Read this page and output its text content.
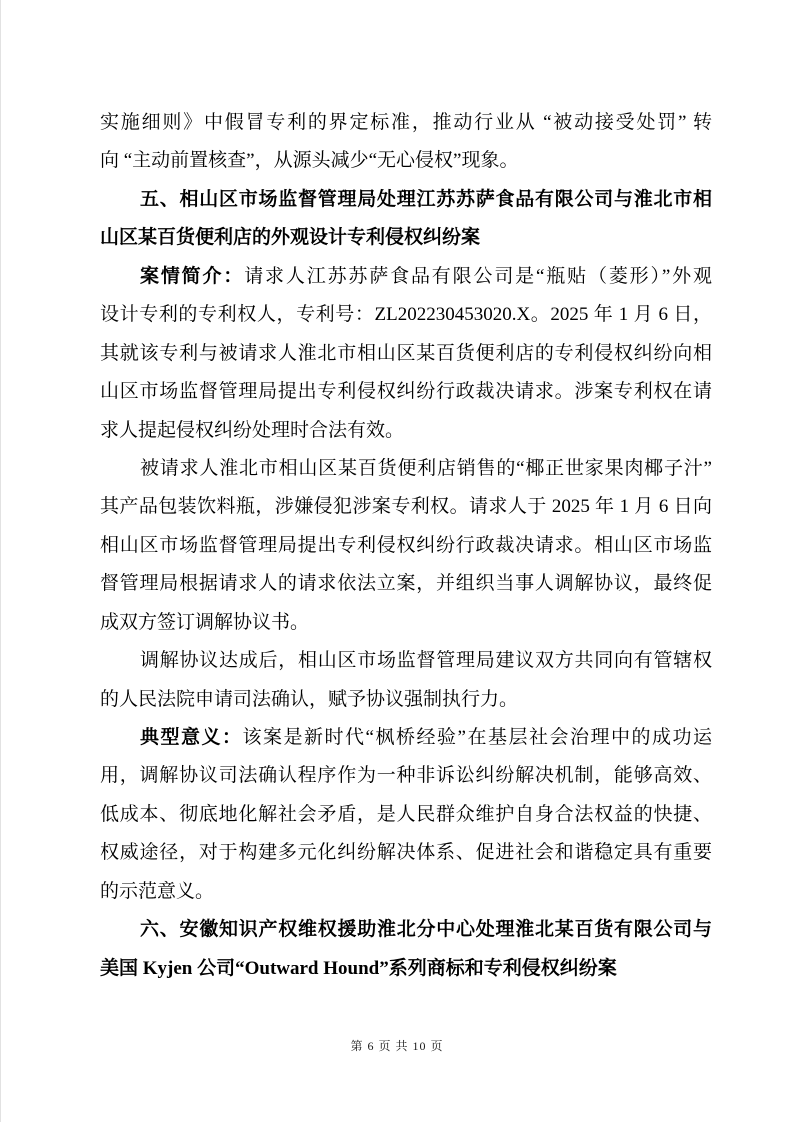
实施细则》中假冒专利的界定标准，推动行业从 “被动接受处罚” 转
向 “主动前置核查”，从源头减少“无心侵权”现象。
五、相山区市场监督管理局处理江苏苏萨食品有限公司与淮北市相
山区某百货便利店的外观设计专利侵权纠纷案
案情简介：请求人江苏苏萨食品有限公司是“瓶贴（菱形）”外观
设计专利的专利权人，专利号：ZL202230453020.X。2025 年 1 月 6 日，
其就该专利与被请求人淮北市相山区某百货便利店的专利侵权纠纷向相
山区市场监督管理局提出专利侵权纠纷行政裁决请求。涉案专利权在请
求人提起侵权纠纷处理时合法有效。
被请求人淮北市相山区某百货便利店销售的“椰正世家果肉椰子汁”
其产品包装饮料瓶，涉嫌侵犯涉案专利权。请求人于 2025 年 1 月 6 日向
相山区市场监督管理局提出专利侵权纠纷行政裁决请求。相山区市场监
督管理局根据请求人的请求依法立案，并组织当事人调解协议，最终促
成双方签订调解协议书。
调解协议达成后，相山区市场监督管理局建议双方共同向有管辖权
的人民法院申请司法确认，赋予协议强制执行力。
典型意义：该案是新时代“枫桥经验”在基层社会治理中的成功运
用，调解协议司法确认程序作为一种非诉讼纠纷解决机制，能够高效、
低成本、彻底地化解社会矛盾，是人民群众维护自身合法权益的快捷、
权威途径，对于构建多元化纠纷解决体系、促进社会和谐稳定具有重要
的示范意义。
六、安徽知识产权维权援助淮北分中心处理淮北某百货有限公司与
美国 Kyjen 公司“Outward Hound”系列商标和专利侵权纠纷案
第 6 页 共 10 页
